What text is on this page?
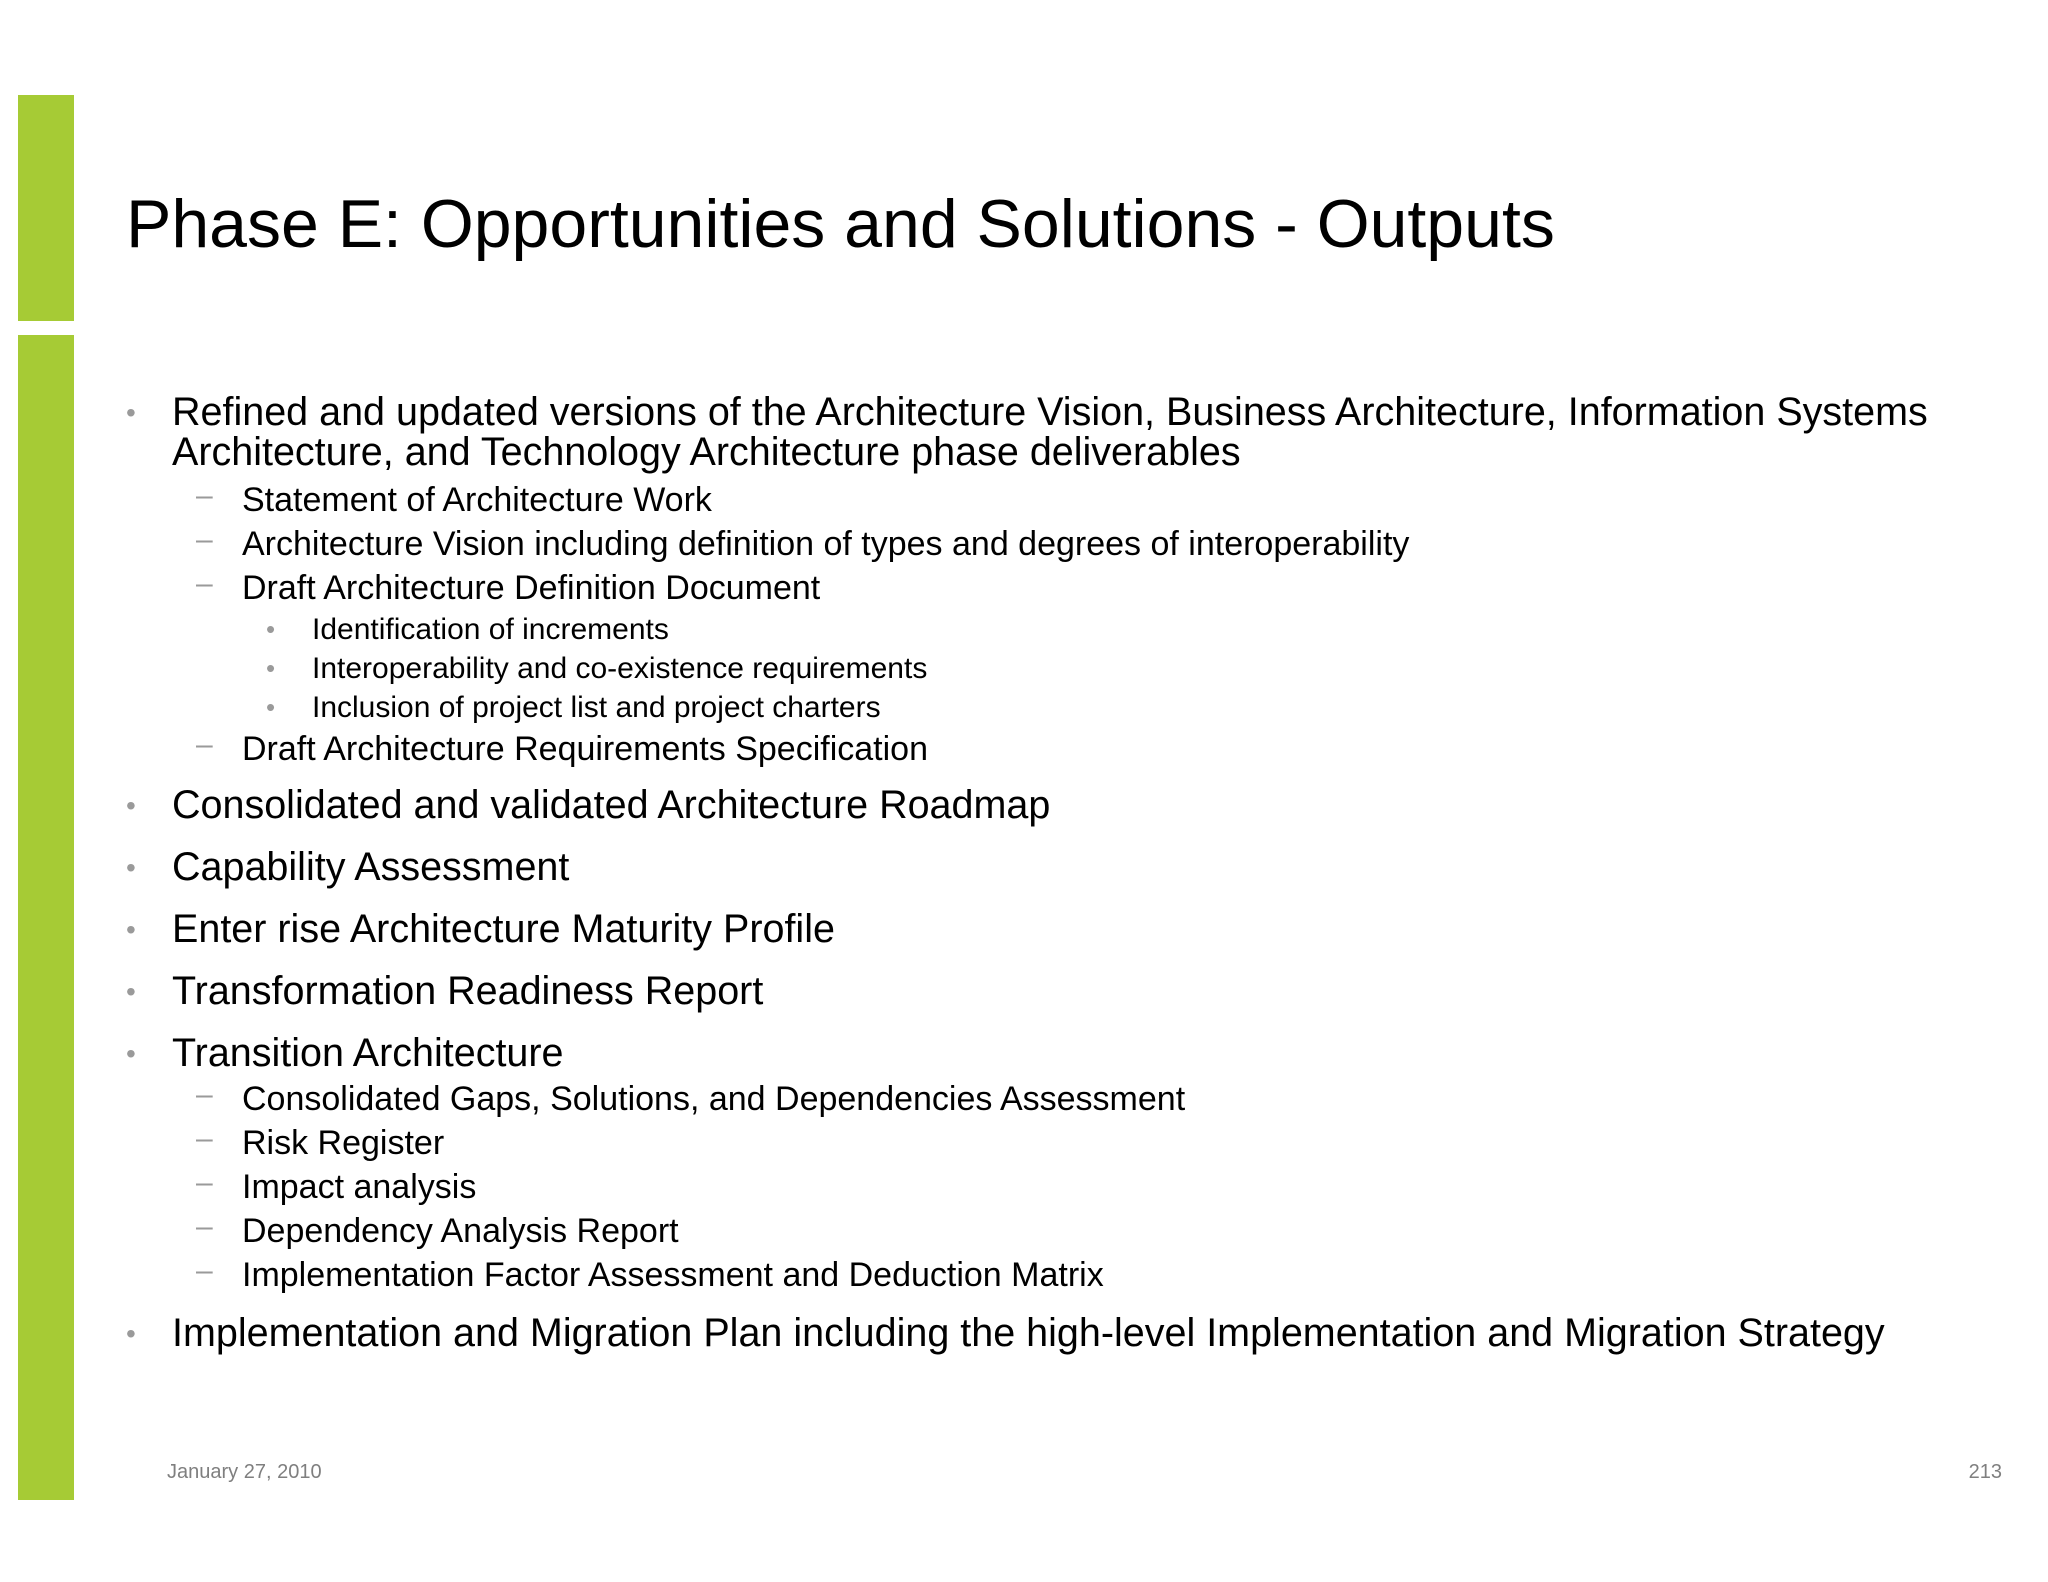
Phase E: Opportunities and Solutions - Outputs
• Refined and updated versions of the Architecture Vision, Business Architecture, Information Systems Architecture, and Technology Architecture phase deliverables
– Statement of Architecture Work
– Architecture Vision including definition of types and degrees of interoperability
– Draft Architecture Definition Document
• Identification of increments
• Interoperability and co-existence requirements
• Inclusion of project list and project charters
– Draft Architecture Requirements Specification
• Consolidated and validated Architecture Roadmap
• Capability Assessment
• Enter rise Architecture Maturity Profile
• Transformation Readiness Report
• Transition Architecture
– Consolidated Gaps, Solutions, and Dependencies Assessment
– Risk Register
– Impact analysis
– Dependency Analysis Report
– Implementation Factor Assessment and Deduction Matrix
• Implementation and Migration Plan including the high-level Implementation and Migration Strategy
January 27, 2010	213
